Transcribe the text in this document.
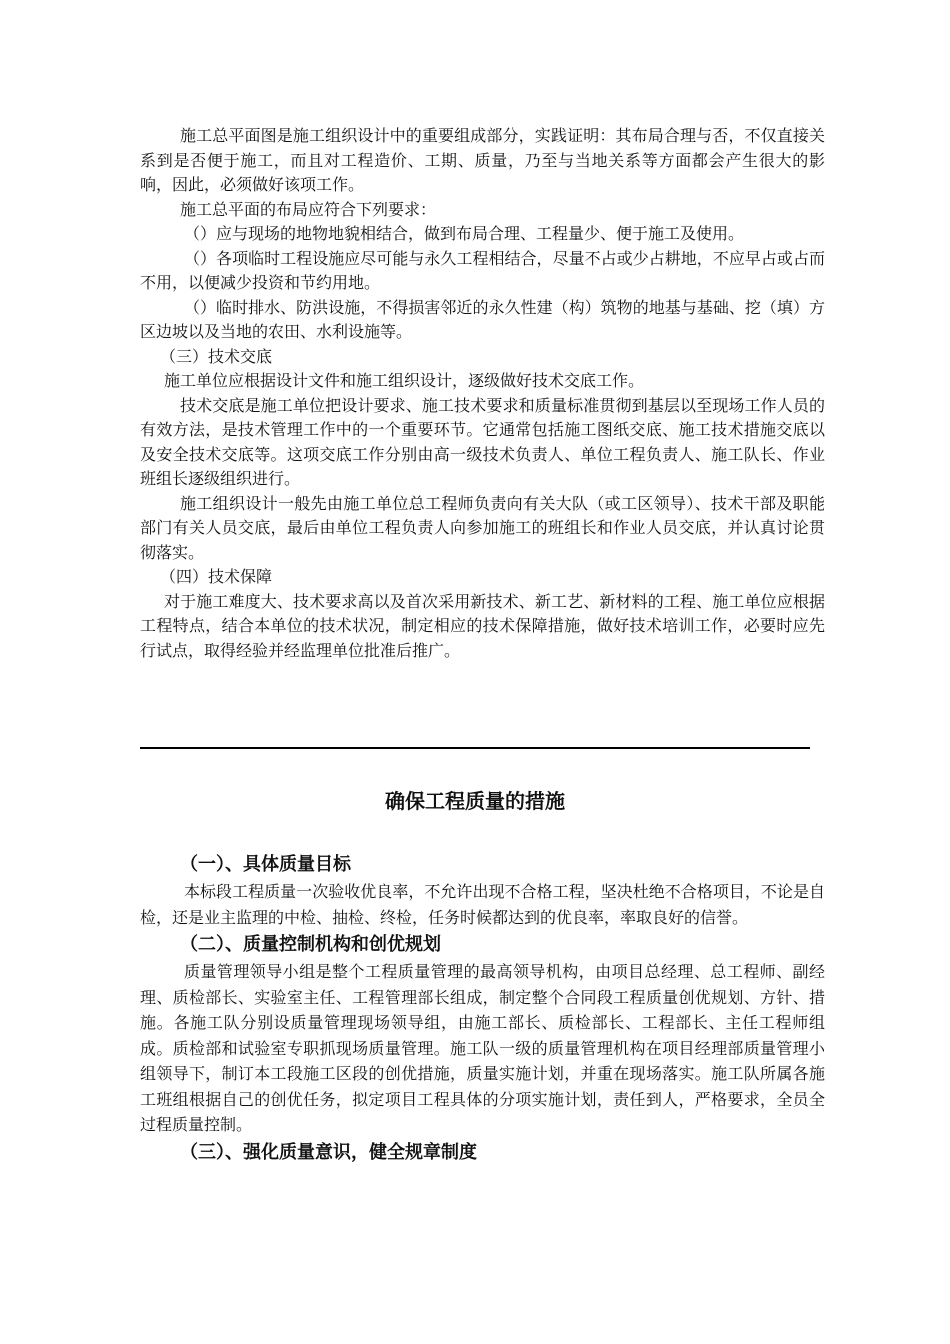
施工总平面图是施工组织设计中的重要组成部分，实践证明：其布局合理与否，不仅直接关系到是否便于施工，而且对工程造价、工期、质量，乃至与当地关系等方面都会产生很大的影响，因此，必须做好该项工作。

施工总平面的布局应符合下列要求：

（）应与现场的地物地貌相结合，做到布局合理、工程量少、便于施工及使用。

（）各项临时工程设施应尽可能与永久工程相结合，尽量不占或少占耕地，不应早占或占而不用，以便减少投资和节约用地。

（）临时排水、防洪设施，不得损害邻近的永久性建（构）筑物的地基与基础、挖（填）方区边坡以及当地的农田、水利设施等。

（三）技术交底

施工单位应根据设计文件和施工组织设计，逐级做好技术交底工作。

技术交底是施工单位把设计要求、施工技术要求和质量标准贯彻到基层以至现场工作人员的有效方法，是技术管理工作中的一个重要环节。它通常包括施工图纸交底、施工技术措施交底以及安全技术交底等。这项交底工作分别由高一级技术负责人、单位工程负责人、施工队长、作业班组长逐级组织进行。

施工组织设计一般先由施工单位总工程师负责向有关大队（或工区领导）、技术干部及职能部门有关人员交底，最后由单位工程负责人向参加施工的班组长和作业人员交底，并认真讨论贯彻落实。

（四）技术保障

对于施工难度大、技术要求高以及首次采用新技术、新工艺、新材料的工程、施工单位应根据工程特点，结合本单位的技术状况，制定相应的技术保障措施，做好技术培训工作，必要时应先行试点，取得经验并经监理单位批准后推广。

确保工程质量的措施

（一）、具体质量目标

本标段工程质量一次验收优良率，不允许出现不合格工程，坚决杜绝不合格项目，不论是自检，还是业主监理的中检、抽检、终检，任务时候都达到的优良率，率取良好的信誉。

（二）、质量控制机构和创优规划

质量管理领导小组是整个工程质量管理的最高领导机构，由项目总经理、总工程师、副经理、质检部长、实验室主任、工程管理部长组成，制定整个合同段工程质量创优规划、方针、措施。各施工队分别设质量管理现场领导组，由施工部长、质检部长、工程部长、主任工程师组成。质检部和试验室专职抓现场质量管理。施工队一级的质量管理机构在项目经理部质量管理小组领导下，制订本工段施工区段的创优措施，质量实施计划，并重在现场落实。施工队所属各施工班组根据自己的创优任务，拟定项目工程具体的分项实施计划，责任到人，严格要求，全员全过程质量控制。

（三）、强化质量意识，健全规章制度
